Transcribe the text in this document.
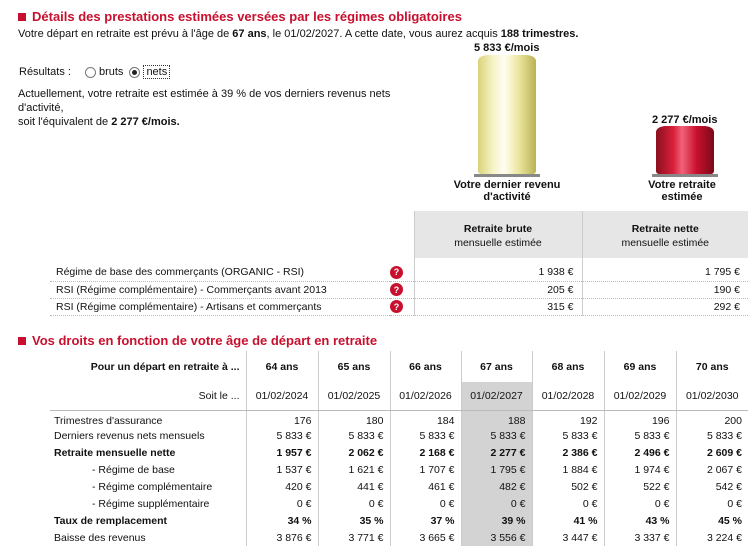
Détails des prestations estimées versées par les régimes obligatoires
Votre départ en retraite est prévu à l'âge de 67 ans, le 01/02/2027. A cette date, vous aurez acquis 188 trimestres.
Résultats :	bruts nets
Actuellement, votre retraite est estimée à 39 % de vos derniers revenus nets d'activité,
soit l'équivalent de 2 277 €/mois.
5 833 €/mois
Votre dernier revenu
d'activité
2 277 €/mois
Votre retraite
estimée

		Retraite brute
mensuelle estimée	Retraite nette
mensuelle estimée

Régime de base des commerçants (ORGANIC - RSI)	?	1 938 €	1 795 €
RSI (Régime complémentaire) - Commerçants avant 2013	?	205 €	190 €
RSI (Régime complémentaire) - Artisans et commerçants	?	315 €	292 €
Vos droits en fonction de votre âge de départ en retraite
Pour un départ en retraite à ...	64 ans	65 ans	66 ans	67 ans	68 ans	69 ans	70 ans
Soit le ...	01/02/2024	01/02/2025	01/02/2026	01/02/2027	01/02/2028	01/02/2029	01/02/2030
Trimestres d'assurance	176	180	184	188	192	196	200
Derniers revenus nets mensuels	5 833 €	5 833 €	5 833 €	5 833 €	5 833 €	5 833 €	5 833 €
Retraite mensuelle nette	1 957 €	2 062 €	2 168 €	2 277 €	2 386 €	2 496 €	2 609 €
- Régime de base	1 537 €	1 621 €	1 707 €	1 795 €	1 884 €	1 974 €	2 067 €
- Régime complémentaire	420 €	441 €	461 €	482 €	502 €	522 €	542 €
- Régime supplémentaire	0 €	0 €	0 €	0 €	0 €	0 €	0 €
Taux de remplacement	34 %	35 %	37 %	39 %	41 %	43 %	45 %
Baisse des revenus	3 876 €	3 771 €	3 665 €	3 556 €	3 447 €	3 337 €	3 224 €
